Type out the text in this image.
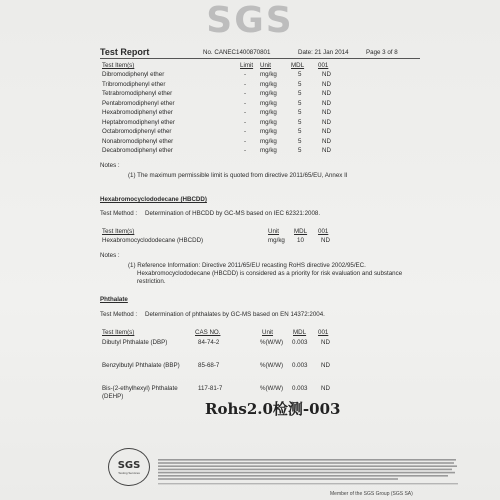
SGS
Test Report	No. CANEC1400870801	Date: 21 Jan 2014	Page 3 of 8
Test Item(s)	Limit Unit	MDL 001
Dibromodiphenyl ether	- mg/kg	5	ND
Tribromodiphenyl ether	- mg/kg	5	ND
Tetrabromodiphenyl ether	- mg/kg	5	ND
Pentabromodiphenyl ether	- mg/kg	5	ND
Hexabromodiphenyl ether	- mg/kg	5	ND
Heptabromodiphenyl ether	- mg/kg	5	ND
Octabromodiphenyl ether	- mg/kg	5	ND
Nonabromodiphenyl ether	- mg/kg	5	ND
Decabromodiphenyl ether	- mg/kg	5	ND
Notes :
(1) The maximum permissible limit is quoted from directive 2011/65/EU, Annex II
Hexabromocyclododecane (HBCDD)
Test Method : Determination of HBCDD by GC-MS based on IEC 62321:2008.
Test Item(s)	Unit MDL 001
Hexabromocyclododecane (HBCDD)	mg/kg 10	ND
Notes :
(1) Reference Information: Directive 2011/65/EU recasting RoHS directive 2002/95/EC.
Hexabromocyclododecane (HBCDD) is considered as a priority for risk evaluation and substance
restriction.
Phthalate
Test Method : Determination of phthalates by GC-MS based on EN 14372:2004.
Test Item(s)	CAS NO.	Unit	MDL 001
Dibutyl Phthalate (DBP)	84-74-2	%(W/W) 0.003 ND
Benzylbutyl Phthalate (BBP)	85-68-7	%(W/W) 0.003 ND
Bis-(2-ethylhexyl) Phthalate
(DEHP)
117-81-7	%(W/W) 0.003 ND
Rohs2.0检测-003
SGS
Testing Services
Member of the SGS Group (SGS SA)
